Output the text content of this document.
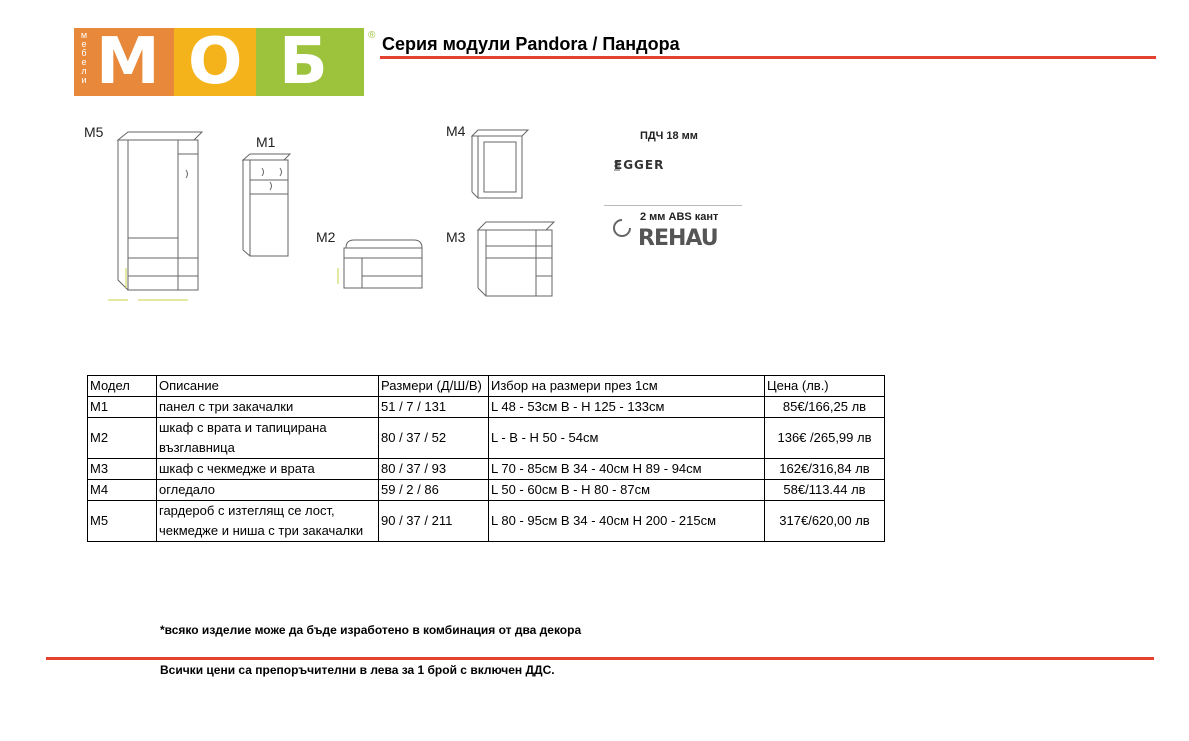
мебели М О Б	® Серия модули Pandora / Пандора
M5
M1
M2
M4
M3
ПДЧ 18 мм
EGGER
2 мм ABS кант
REHAU
Модел	Описание	Размери (Д/Ш/В)	Избор на размери през 1см	Цена (лв.)
M1	панел с три закачалки	51 / 7 / 131	L 48 - 53см В - Н 125 - 133см	85€/166,25 лв
M2	шкаф с врата и тапицирана възглавница	80 / 37 / 52	L - В - Н 50 - 54см	136€ /265,99 лв
M3	шкаф с чекмедже и врата	80 / 37 / 93	L 70 - 85см В 34 - 40см Н 89 - 94см	162€/316,84 лв
M4	огледало	59 / 2 / 86	L 50 - 60см В - Н 80 - 87см	58€/113.44 лв
M5	гардероб с изтеглящ се лост, чекмедже и ниша с три закачалки	90 / 37 / 211	L 80 - 95см В 34 - 40см Н 200 - 215см	317€/620,00 лв
*всяко изделие може да бъде изработено в комбинация от два декора
Всички цени са препоръчителни в лева за 1 брой с включен ДДС.
